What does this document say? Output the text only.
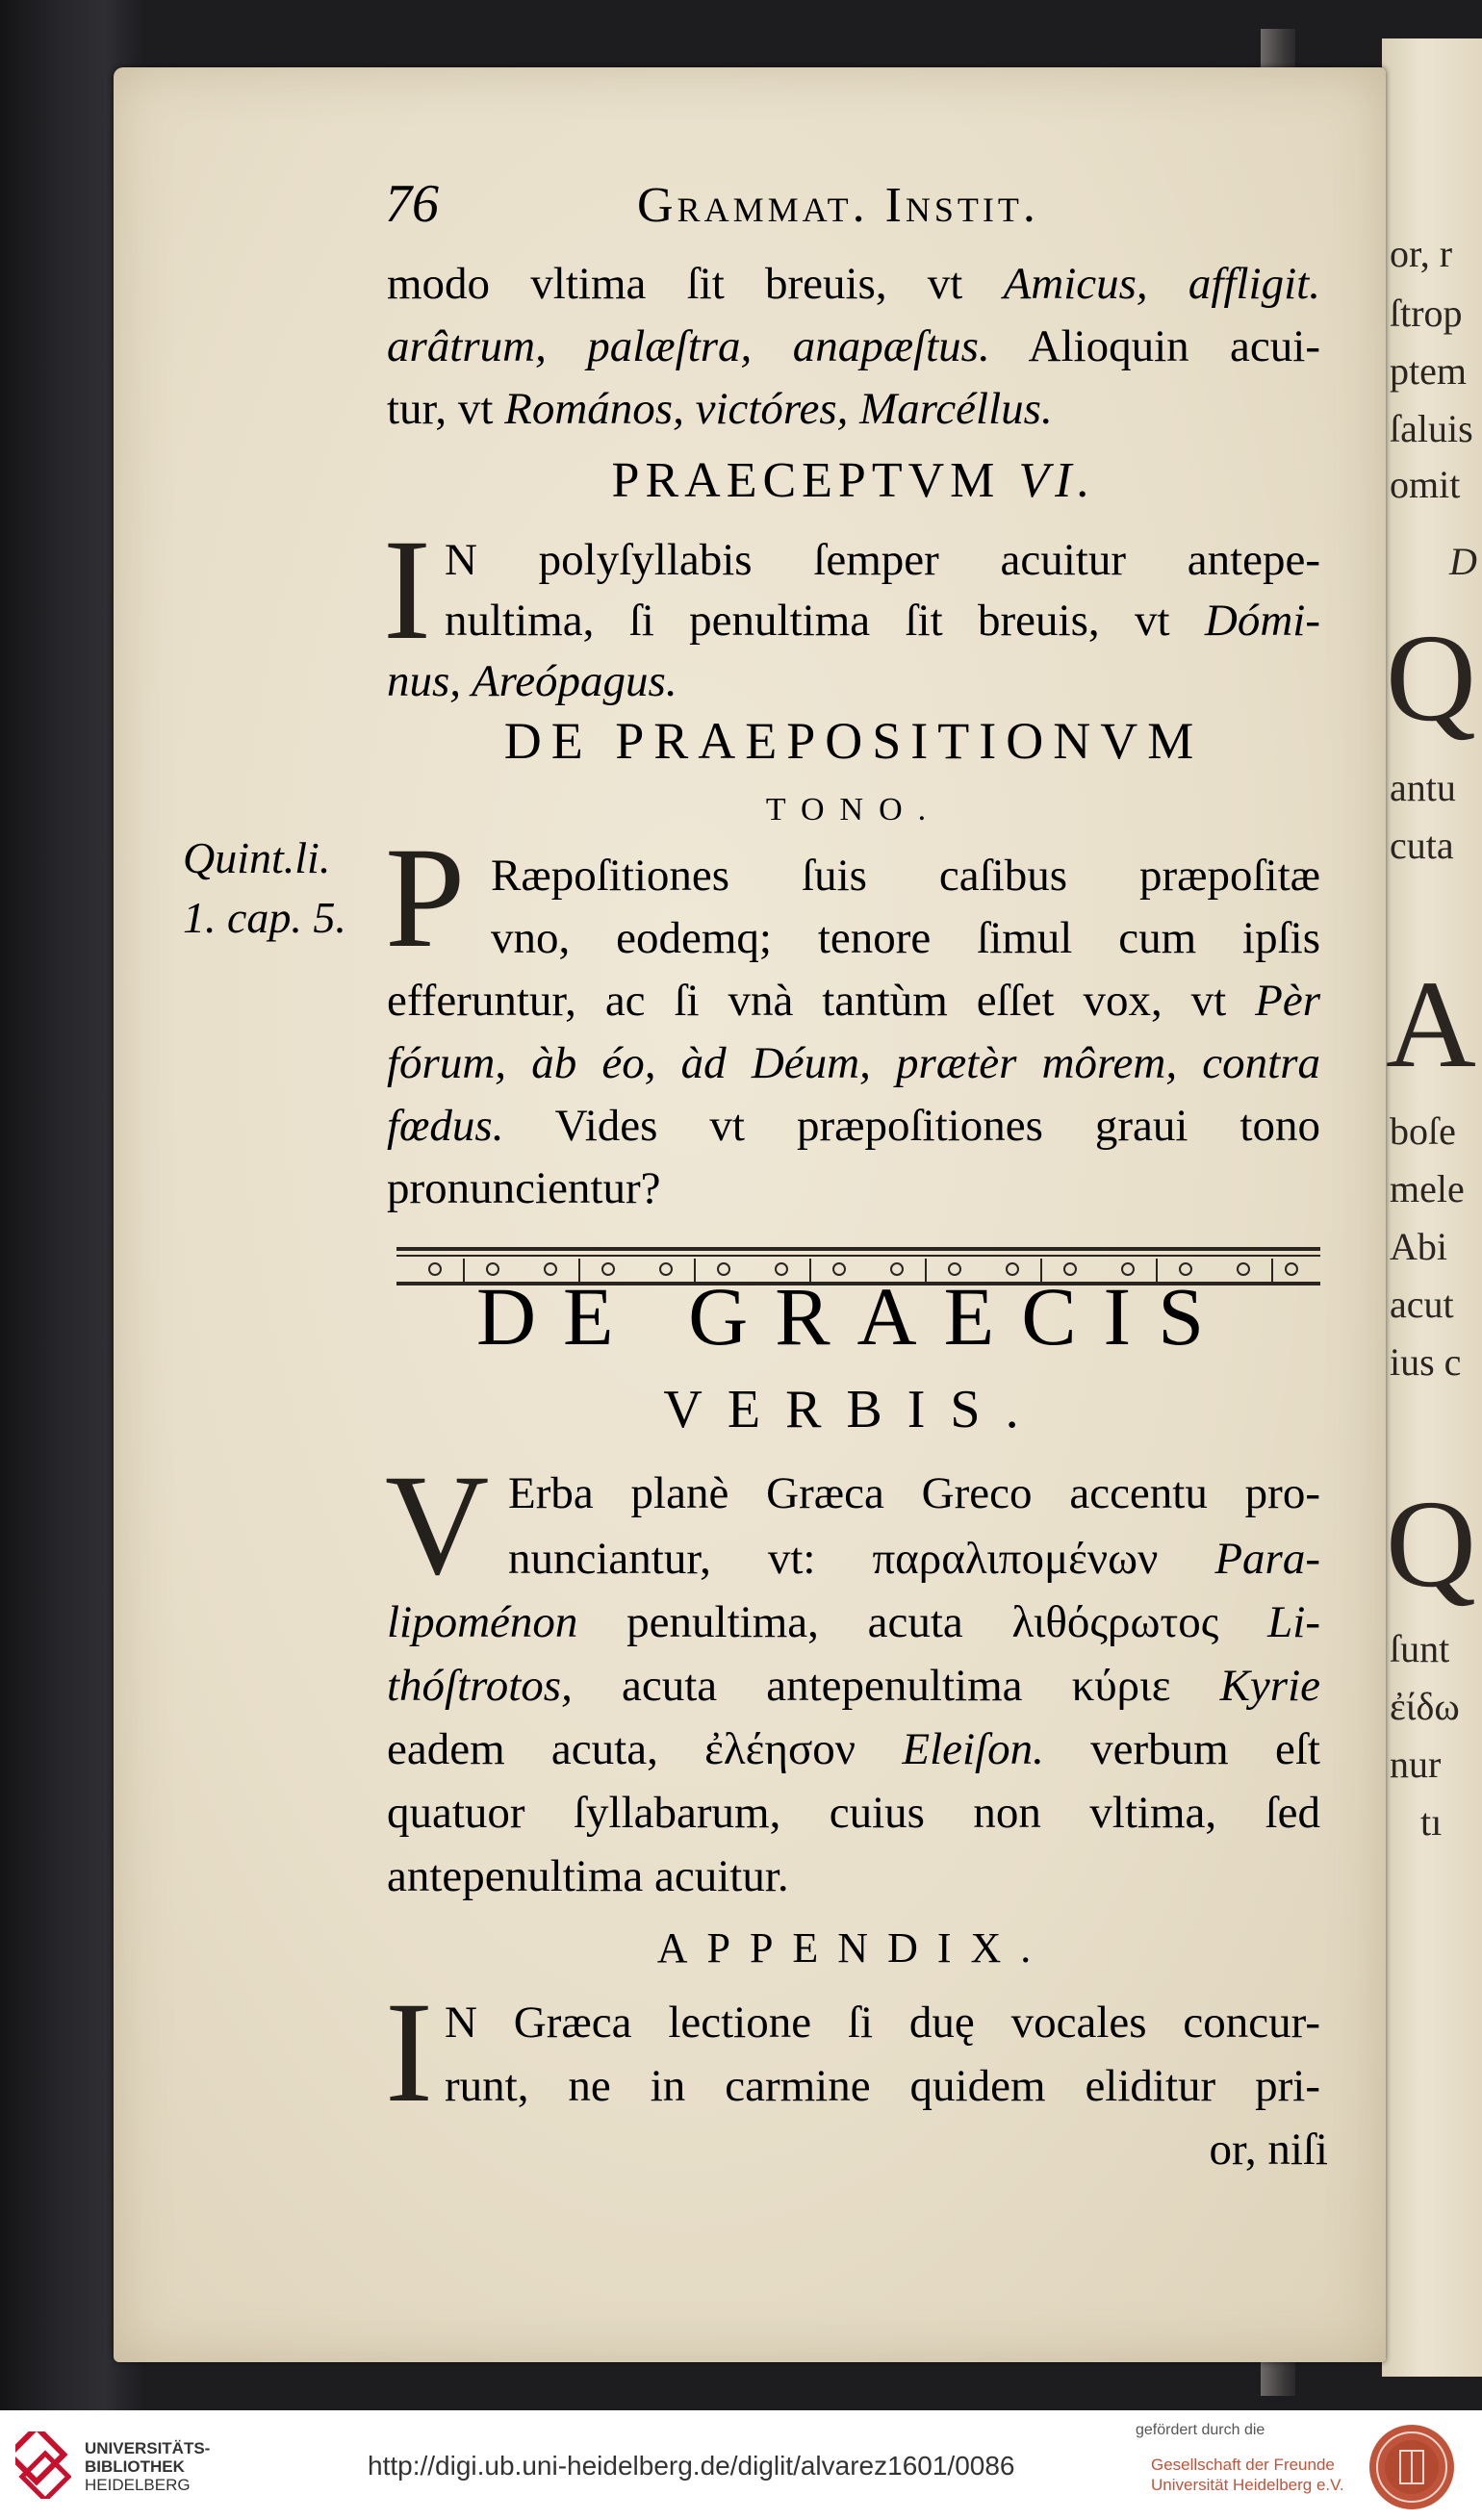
or, r
ſtrop
ptem
ſaluis
omit
D
Q
antu
cuta
A
boſe
mele
Abi
acut
ius c
Q
ſunt
ἐίδω
nur
tı
76	Grammat. Instit.
modo vltima ſit breuis, vt Amicus, affligit.
arâtrum, palæſtra, anapæſtus. Alioquin acui-
tur, vt Romános, victóres, Marcéllus.
PRAECEPTVM VI.
I N polyſyllabis ſemper acuitur antepe-
nultima, ſi penultima ſit breuis, vt Dómi-
nus, Areópagus.
DE PRAEPOSITIONVM
TONO.
Quint.li.
1. cap. 5. P Ræpoſitiones ſuis caſibus præpoſitæ
vno, eodemq; tenore ſimul cum ipſis
efferuntur, ac ſi vnà tantùm eſſet vox, vt Pèr
fórum, àb éo, àd Déum, prætèr môrem, contra
fœdus. Vides vt præpoſitiones graui tono
pronuncientur?
DE GRAECIS
VERBIS.
V Erba planè Græca Greco accentu pro-
nunciantur, vt: παραλιπομένων Para-
lipoménon penultima, acuta λιθόςρωτος Li-
thóſtrotos, acuta antepenultima κύριε Kyrie
eadem acuta, ἐλέησον Eleiſon. verbum eſt
quatuor ſyllabarum, cuius non vltima, ſed
antepenultima acuitur.
APPENDIX.
I N Græca lectione ſi duę vocales concur-
runt, ne in carmine quidem eliditur pri-
or, niſi
UNIVERSITÄTS-
BIBLIOTHEK
HEIDELBERG
http://digi.ub.uni-heidelberg.de/diglit/alvarez1601/0086
gefördert durch die
Gesellschaft der Freunde
Universität Heidelberg e.V.
